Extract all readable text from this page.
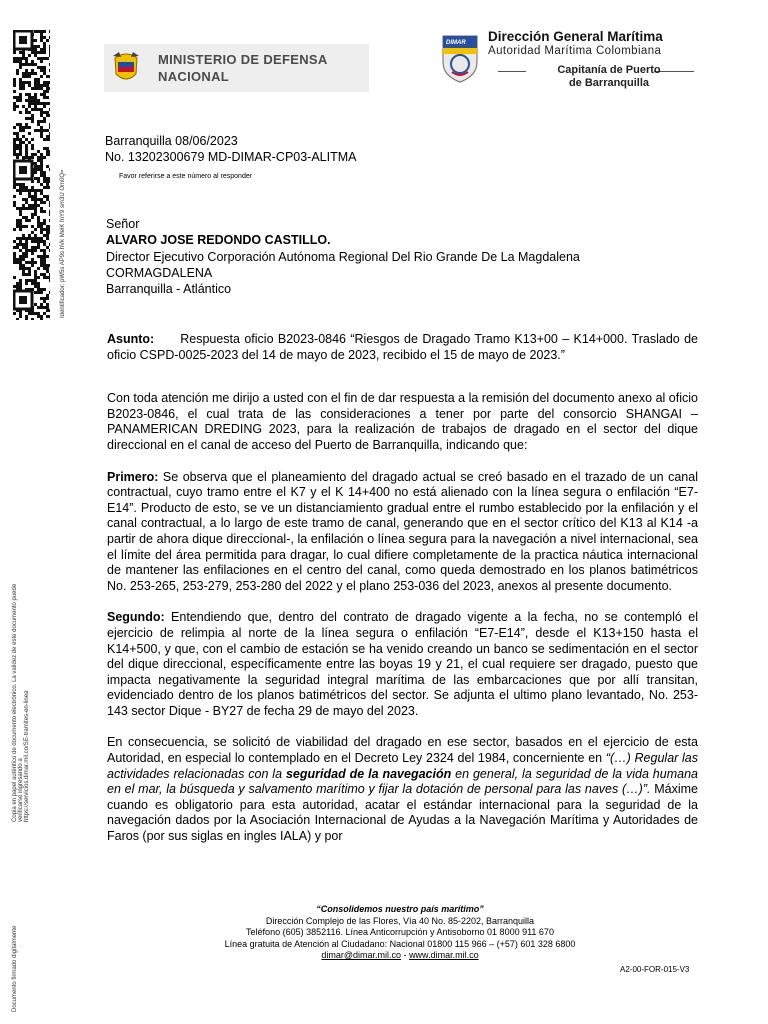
Identificador: pW5s AP9s hVk MeiK fnY9 sm3U Om0Q=
Copia en papel auténtico de documento electrónico. La validez de este documento puede verificarse ingresando a https://servicios.dimar.mil.co/SE-tramites-en-linea
Documento firmado digitalmente
MINISTERIO DE DEFENSA
NACIONAL
DIMAR Dirección General Marítima
Autoridad Marítima Colombiana
Capitanía de Puerto
de Barranquilla
Barranquilla 08/06/2023
No. 13202300679 MD-DIMAR-CP03-ALITMA
Favor referirse a este número al responder
Señor
ALVARO JOSE REDONDO CASTILLO.
Director Ejecutivo Corporación Autónoma Regional Del Rio Grande De La Magdalena
CORMAGDALENA
Barranquilla - Atlántico

Asunto: Respuesta oficio B2023-0846 “Riesgos de Dragado Tramo K13+00 – K14+000. Traslado de oficio CSPD-0025-2023 del 14 de mayo de 2023, recibido el 15 de mayo de 2023.”

Con toda atención me dirijo a usted con el fin de dar respuesta a la remisión del documento anexo al oficio B2023-0846, el cual trata de las consideraciones a tener por parte del consorcio SHANGAI – PANAMERICAN DREDING 2023, para la realización de trabajos de dragado en el sector del dique direccional en el canal de acceso del Puerto de Barranquilla, indicando que:

Primero: Se observa que el planeamiento del dragado actual se creó basado en el trazado de un canal contractual, cuyo tramo entre el K7 y el K 14+400 no está alienado con la línea segura o enfilación “E7-E14”. Producto de esto, se ve un distanciamiento gradual entre el rumbo establecido por la enfilación y el canal contractual, a lo largo de este tramo de canal, generando que en el sector crítico del K13 al K14 -a partir de ahora dique direccional-, la enfilación o línea segura para la navegación a nivel internacional, sea el límite del área permitida para dragar, lo cual difiere completamente de la practica náutica internacional de mantener las enfilaciones en el centro del canal, como queda demostrado en los planos batimétricos No. 253-265, 253-279, 253-280 del 2022 y el plano 253-036 del 2023, anexos al presente documento.

Segundo: Entendiendo que, dentro del contrato de dragado vigente a la fecha, no se contempló el ejercicio de relimpia al norte de la línea segura o enfilación “E7-E14”, desde el K13+150 hasta el K14+500, y que, con el cambio de estación se ha venido creando un banco se sedimentación en el sector del dique direccional, específicamente entre las boyas 19 y 21, el cual requiere ser dragado, puesto que impacta negativamente la seguridad integral marítima de las embarcaciones que por allí transitan, evidenciado dentro de los planos batimétricos del sector. Se adjunta el ultimo plano levantado, No. 253-143 sector Dique - BY27 de fecha 29 de mayo del 2023.

En consecuencia, se solicitó de viabilidad del dragado en ese sector, basados en el ejercicio de esta Autoridad, en especial lo contemplado en el Decreto Ley 2324 del 1984, concerniente en “(…) Regular las actividades relacionadas con la seguridad de la navegación en general, la seguridad de la vida humana en el mar, la búsqueda y salvamento marítimo y fijar la dotación de personal para las naves (…)”. Máxime cuando es obligatorio para esta autoridad, acatar el estándar internacional para la seguridad de la navegación dados por la Asociación Internacional de Ayudas a la Navegación Marítima y Autoridades de Faros (por sus siglas en ingles IALA) y por

“Consolidemos nuestro país marítimo”
Dirección Complejo de las Flores, Vía 40 No. 85-2202, Barranquilla
Teléfono (605) 3852116. Línea Anticorrupción y Antisoborno 01 8000 911 670
Línea gratuita de Atención al Ciudadano: Nacional 01800 115 966 – (+57) 601 328 6800
dimar@dimar.mil.co - www.dimar.mil.co
A2-00-FOR-015-V3
